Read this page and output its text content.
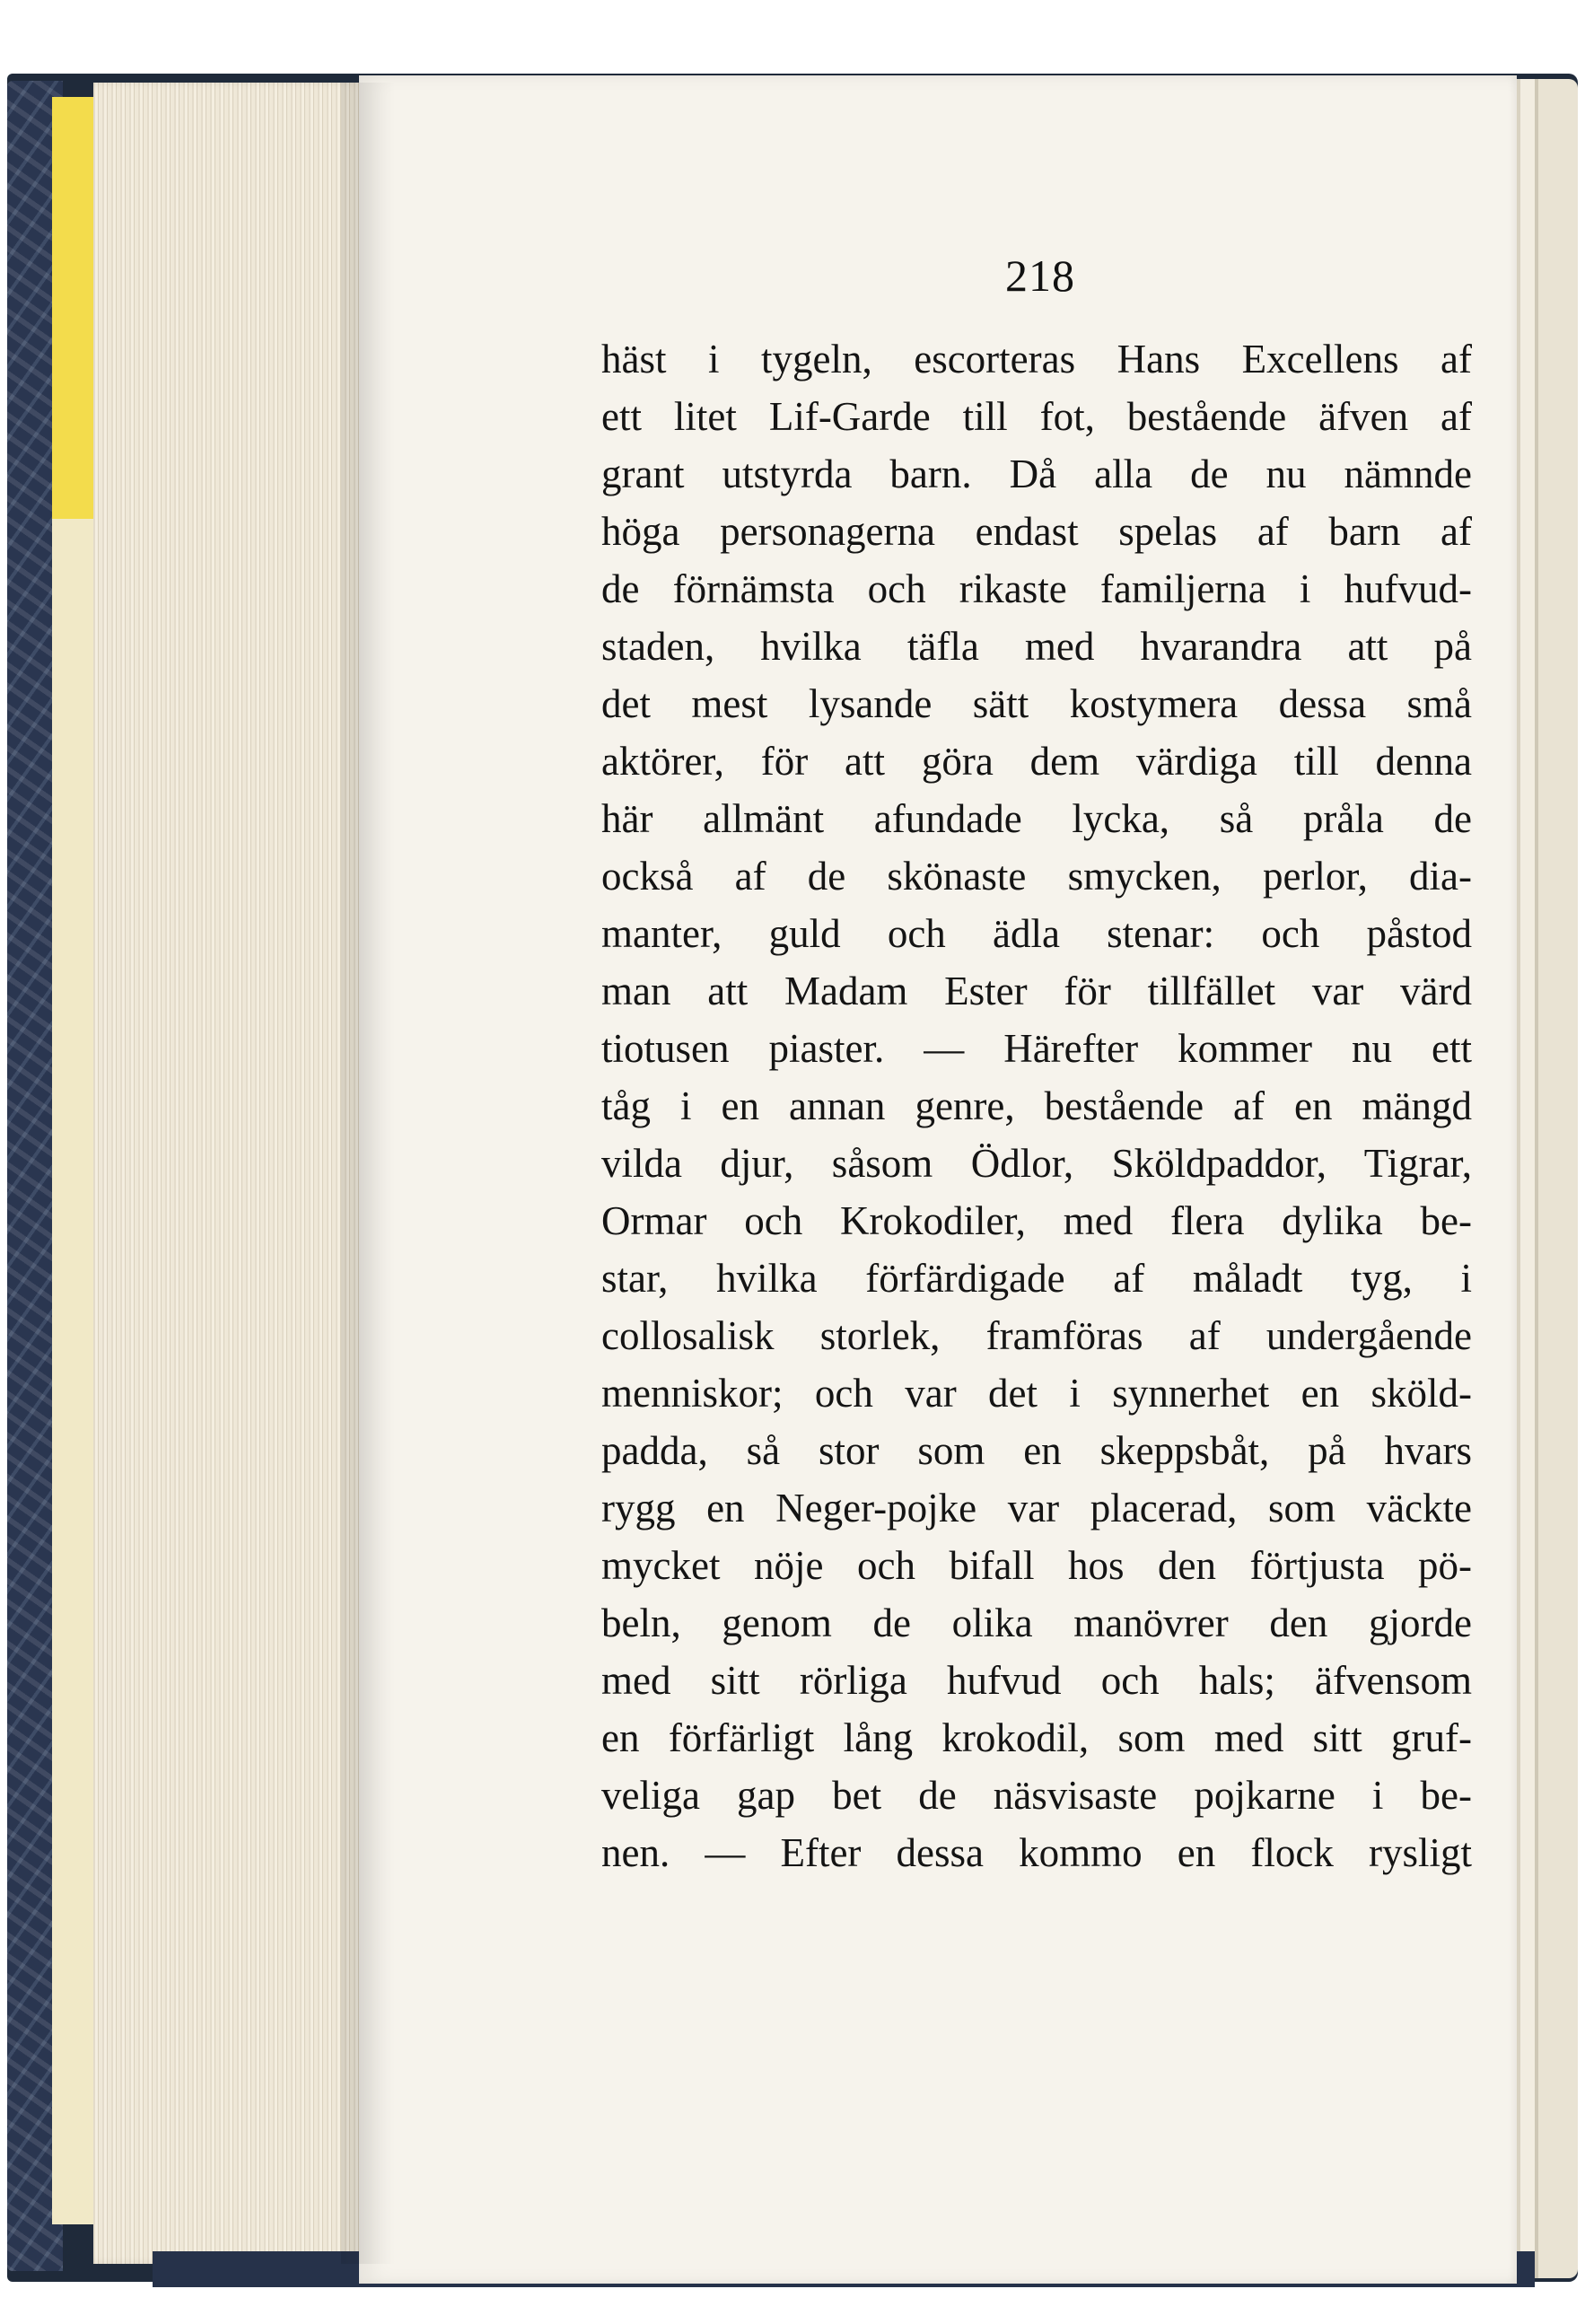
218
häst i tygeln, escorteras Hans Excellens af
ett litet Lif-Garde till fot, bestående äfven af
grant utstyrda barn. Då alla de nu nämnde
höga personagerna endast spelas af barn af
de förnämsta och rikaste familjerna i hufvud-
staden, hvilka täfla med hvarandra att på
det mest lysande sätt kostymera dessa små
aktörer, för att göra dem värdiga till denna
här allmänt afundade lycka, så pråla de
också af de skönaste smycken, perlor, dia-
manter, guld och ädla stenar: och påstod
man att Madam Ester för tillfället var värd
tiotusen piaster. — Härefter kommer nu ett
tåg i en annan genre, bestående af en mängd
vilda djur, såsom Ödlor, Sköldpaddor, Tigrar,
Ormar och Krokodiler, med flera dylika be-
star, hvilka förfärdigade af måladt tyg, i
collosalisk storlek, framföras af undergående
menniskor; och var det i synnerhet en sköld-
padda, så stor som en skeppsbåt, på hvars
rygg en Neger-pojke var placerad, som väckte
mycket nöje och bifall hos den förtjusta pö-
beln, genom de olika manövrer den gjorde
med sitt rörliga hufvud och hals; äfvensom
en förfärligt lång krokodil, som med sitt gruf-
veliga gap bet de näsvisaste pojkarne i be-
nen. — Efter dessa kommo en flock rysligt
